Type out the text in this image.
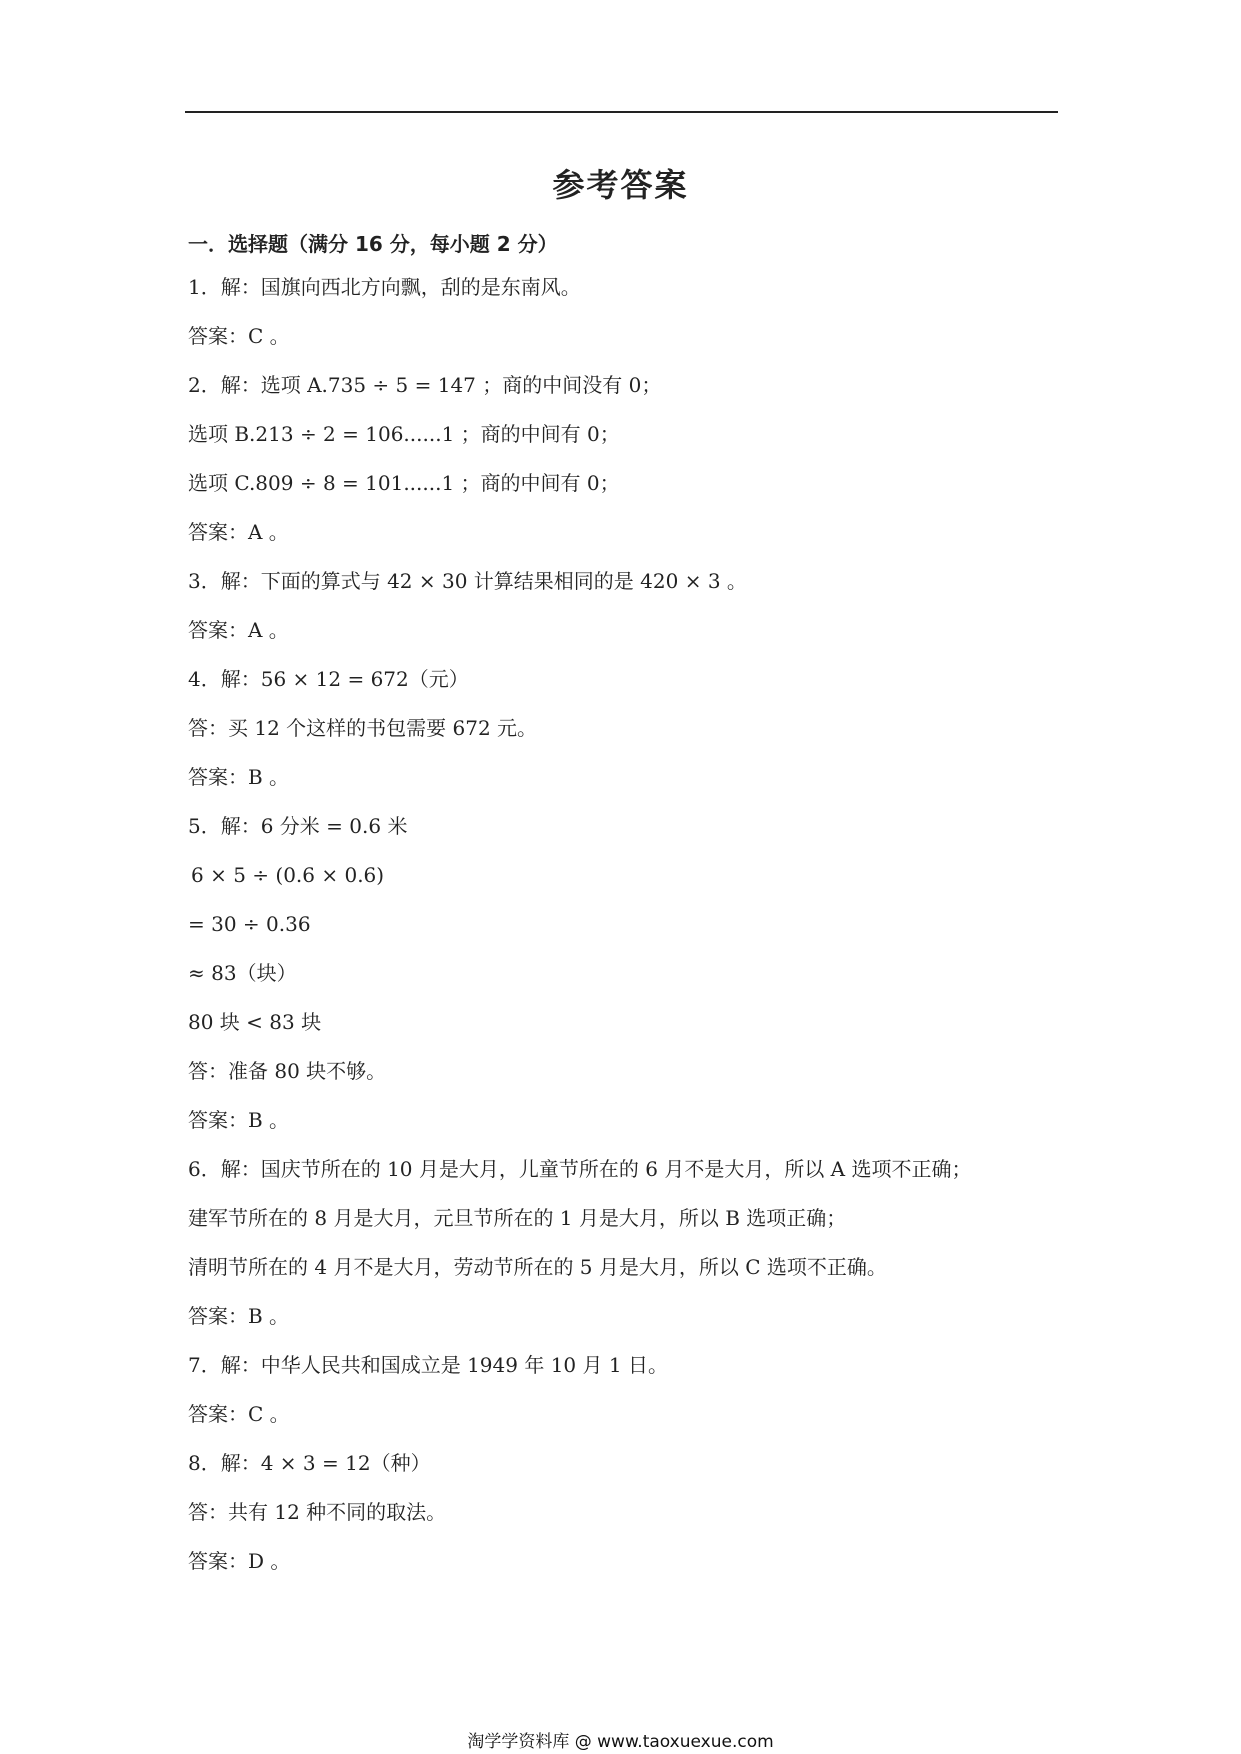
参考答案
一．选择题（满分 16 分，每小题 2 分）
1．解：国旗向西北方向飘，刮的是东南风。
答案：C 。
2．解：选项 A.735 ÷ 5 = 147 ；商的中间没有 0；
选项 B.213 ÷ 2 = 106......1 ；商的中间有 0；
选项 C.809 ÷ 8 = 101......1 ；商的中间有 0；
答案：A 。
3．解：下面的算式与 42 × 30 计算结果相同的是 420 × 3 。
答案：A 。
4．解：56 × 12 = 672（元）
答：买 12 个这样的书包需要 672 元。
答案：B 。
5．解：6 分米 = 0.6 米
6 × 5 ÷ (0.6 × 0.6)
= 30 ÷ 0.36
≈ 83（块）
80 块 < 83 块
答：准备 80 块不够。
答案：B 。
6．解：国庆节所在的 10 月是大月，儿童节所在的 6 月不是大月，所以 A 选项不正确；
建军节所在的 8 月是大月，元旦节所在的 1 月是大月，所以 B 选项正确；
清明节所在的 4 月不是大月，劳动节所在的 5 月是大月，所以 C 选项不正确。
答案：B 。
7．解：中华人民共和国成立是 1949 年 10 月 1 日。
答案：C 。
8．解：4 × 3 = 12（种）
答：共有 12 种不同的取法。
答案：D 。
淘学学资料库 @ www.taoxuexue.com
